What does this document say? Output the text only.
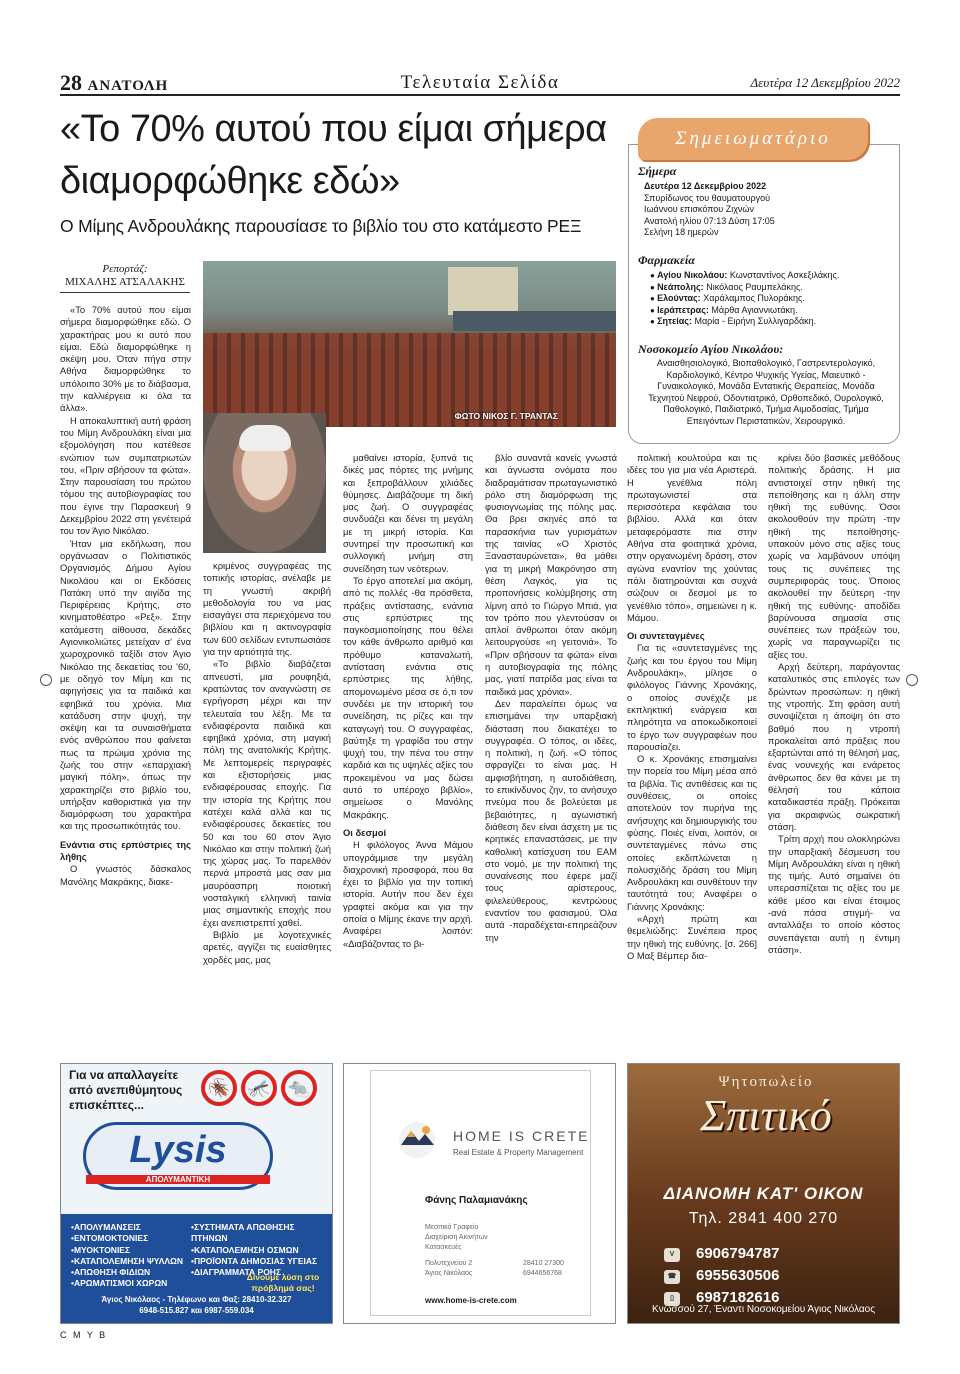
28 ΑΝΑΤΟΛΗ	Τελευταία Σελίδα	Δευτέρα 12 Δεκεμβρίου 2022
«Το 70% αυτού που είμαι σήμερα
διαμορφώθηκε εδώ»
Ο Μίμης Ανδρουλάκης παρουσίασε το βιβλίο του στο κατάμεστο ΡΕΞ
Σημειωματάριο
Σήμερα
Δευτέρα 12 Δεκεμβρίου 2022
Σπυρίδωνος του θαυματουργού
Ιωάννου επισκόπου Ζιχνών
Ανατολή ηλίου 07:13 Δύση 17:05
Σελήνη 18 ημερών
Φαρμακεία
● Αγίου Νικολάου: Κωνσταντίνος Ασκεξιλάκης.
● Νεάπολης: Νικόλαος Ραυμπελάκης.
● Ελούντας: Χαράλαμπος Πυλοράκης.
● Ιεράπετρας: Μάρθα Αγιαννιωτάκη.
● Σητείας: Μαρία - Ειρήνη Συλλιγαρδάκη.
Νοσοκομείο Αγίου Νικολάου:
Αναισθησιολογικό, Βιοπαθολογικό, Γαστρεντερολογικό, Καρδιολογικό, Κέντρο Ψυχικής Υγείας, Μαιευτικό - Γυναικολογικό, Μονάδα Εντατικής Θεραπείας, Μονάδα Τεχνητού Νεφρού, Οδοντιατρικό, Ορθοπεδικό, Ουρολογικό, Παθολογικό, Παιδιατρικό, Τμήμα Αιμοδοσίας, Τμήμα Επειγόντων Περιστατικών, Χειρουργικό.
Ρεπορτάζ:
ΜΙΧΑΛΗΣ ΑΤΣΑΛΑΚΗΣ
ΦΩΤΟ ΝΙΚΟΣ Γ. ΤΡΑΝΤΑΣ

«Το 70% αυτού που είμαι σήμερα διαμορφώθηκε εδώ. Ο χαρακτήρας μου κι αυτό που είμαι. Εδώ διαμορφώθηκε η σκέψη μου. Όταν πήγα στην Αθήνα διαμορφώθηκε το υπόλοιπο 30% με το διάβασμα, την καλλιέργεια κι όλα τα άλλα».

Η αποκαλυπτική αυτή φράση του Μίμη Ανδρουλάκη είναι μια εξομολόγηση που κατέθεσε ενώπιον των συμπατριωτών του, «Πριν σβήσουν τα φώτα». Στην παρουσίαση του πρώτου τόμου της αυτοβιογραφίας του που έγινε την Παρασκευή 9 Δεκεμβρίου 2022 στη γενέτειρά του τον Άγιο Νικόλαο.

Ήταν μια εκδήλωση, που οργάνωσαν ο Πολιτιστικός Οργανισμός Δήμου Αγίου Νικολάου και οι Εκδόσεις Πατάκη υπό την αιγίδα της Περιφέρειας Κρήτης, στο κινηματοθέατρο «Ρεξ». Στην κατάμεστη αίθουσα, δεκάδες Αγιονικολιώτες μετείχαν σ' ένα χωροχρονικό ταξίδι στον Άγιο Νικόλαο της δεκαετίας του '60, με οδηγό τον Μίμη και τις αφηγήσεις για τα παιδικά και εφηβικά του χρόνια. Μια κατάδυση στην ψυχή, την σκέψη και τα συναισθήματα ενός ανθρώπου που φαίνεται πως τα πρώιμα χρόνια της ζωής του στην «επαρχιακή μαγική πόλη», όπως την χαρακτηρίζει στο βιβλίο του, υπήρξαν καθοριστικά για την διαμόρφωση του χαρακτήρα και της προσωπικότητάς του.

Ενάντια στις ερπύστριες της λήθης

Ο γνωστός δάσκαλος Μανόλης Μακράκης, διακε-

κριμένος συγγραφέας της τοπικής ιστορίας, ανέλαβε με τη γνωστή ακριβή μεθοδολογία του να μας εισαγάγει στα περιεχόμενα του βιβλίου και η ακτινογραφία των 600 σελίδων εντυπωσιάσε για την αρτιότητά της.

«Το βιβλίο διαβάζεται απνευστί, μια ρουφηξιά, κρατώντας τον αναγνώστη σε εγρήγορση μέχρι και την τελευταία του λέξη. Με τα ενδιαφέροντα παιδικά και εφηβικά χρόνια, στη μαγική πόλη της ανατολικής Κρήτης. Με λεπτομερείς περιγραφές και εξιστορήσεις μιας ενδιαφέρουσας εποχής. Για την ιστορία της Κρήτης που κατέχει καλά αλλά και τις ενδιαφέρουσες δεκαετίες του 50 και του 60 στον Άγιο Νικόλαο και στην πολιτική ζωή της χώρας μας. Το παρελθόν περνά μπροστά μας σαν μια μαυρόασπρη ποιοτική νοσταλγική ελληνική ταινία μιας σημαντικής εποχής που έχει ανεπιστρεπτί χαθεί.

Βιβλίο με λογοτεχνικές αρετές, αγγίζει τις ευαίσθητες χορδές μας, μας

μαθαίνει ιστορία, ξυπνά τις δικές μας πόρτες της μνήμης και ξεπροβάλλουν χιλιάδες θύμησες. Διαβάζουμε τη δική μας ζωή. Ο συγγραφέας συνδυάζει και δένει τη μεγάλη με τη μικρή ιστορία. Και συντηρεί την προσωπική και συλλογική μνήμη στη συνείδηση των νεότερων.

Το έργο αποτελεί μια ακόμη, από τις πολλές -θα πρόσθετα, πράξεις αντίστασης, ενάντια στις ερπύστριες της παγκοσμιοποίησης που θέλει τον κάθε άνθρωπο αριθμό και πρόθυμο καταναλωτή, αντίσταση ενάντια στις ερπύστριες της λήθης, απομονωμένο μέσα σε ό,τι τον συνδέει με την ιστορική του συνείδηση, τις ρίζες και την καταγωγή του. Ο συγγραφέας, βαύτηξε τη γραφίδα του στην ψυχή του, την πένα του στην καρδιά και τις υψηλές αξίες του προκειμένου να μας δώσει αυτό το υπέροχο βιβλίο», σημείωσε ο Μανόλης Μακράκης.

Οι δεσμοί

Η φιλόλογος Άννα Μάμου υπογράμμισε την μεγάλη διαχρονική προσφορά, που θα έχει το βιβλίο για την τοπική ιστορία. Αυτήν που δεν έχει γραφτεί ακόμα και για την οποία ο Μίμης έκανε την αρχή. Αναφέρει λοιπόν: «Διαβάζοντας το βι-

βλίο συναντά κανείς γνωστά και άγνωστα ονόματα που διαδραμάτισαν πρωταγωνιστικό ρόλο στη διαμόρφωση της φυσιογνωμίας της πόλης μας. Θα βρει σκηνές από τα παρασκήνια των γυρισμάτων της ταινίας «Ο Χριστός Ξανασταυρώνεται», θα μάθει για τη μικρή Μακρόνησο στη θέση Λαγκός, για τις προπονήσεις κολύμβησης στη λίμνη από το Γιώργο Μπιά, για τον τρόπο που γλεντούσαν οι απλοί άνθρωποι όταν ακόμη λειτουργούσε «η γειτονιά». Το «Πριν σβήσουν τα φώτα» είναι η αυτοβιογραφία της πόλης μας, γιατί πατρίδα μας είναι τα παιδικά μας χρόνια».

Δεν παραλείπει όμως να επισημάνει την υπαρξιακή διάσταση που διακατέχει το συγγραφέα. Ο τόπος, οι ιδέες, η πολιτική, η ζωή. «Ο τόπος σφραγίζει το είναι μας. Η αμφισβήτηση, η αυτοδιάθεση, το επικίνδυνος ζην, το ανήσυχο πνεύμα που δε βολεύεται με βεβαιότητες, η αγωνιστική διάθεση δεν είναι άσχετη με τις κρητικές επαναστάσεις, με την καθολική κατίσχυση του ΕΑΜ στο νομό, με την πολιτική της συναίνεσης που έφερε μαζί τους αρίστερους, φιλελεύθερους, κεντρώους εναντίον του φασισμού. Όλα αυτά -παραδέχεται-επηρεάζουν την

πολιτική κουλτούρα και τις ιδέες του για μια νέα Αριστερά. Η γενέθλια πόλη πρωταγωνιστεί στα περισσότερα κεφάλαια του βιβλίου. Αλλά και όταν μεταφερόμαστε πια στην Αθήνα στα φοιτητικά χρόνια, στην οργανωμένη δράση, στον αγώνα εναντίον της χούντας πάλι διατηρούνται και συχνά σώζουν οι δεσμοί με το γενέθλιο τόπο», σημειώνει η κ. Μάμου.

Οι συντεταγμένες

Για τις «συντεταγμένες της ζωής και του έργου του Μίμη Ανδρουλάκη», μίλησε ο φιλόλογος Γιάννης Χρονάκης, ο οποίος συνέχιζε με εκπληκτική ενάργεια και πληρότητα να αποκωδικοποιεί το έργο των συγγραφέων που παρουσίαζει.

Ο κ. Χρονάκης επισημαίνει την πορεία του Μίμη μέσα από τα βιβλία. Τις αντιθέσεις και τις συνθέσεις, οι οποίες αποτελούν τον πυρήνα της ανήσυχης και δημιουργικής του φύσης. Ποιές είναι, λοιπόν, οι συντεταγμένες πάνω στις οποίες εκδιπλώνεται η πολυσχιδής δράση του Μίμη Ανδρουλάκη και συνθέτουν την ταυτότητά του; Αναφέρει ο Γιάννης Χρονάκης:

«Αρχή πρώτη και θεμελιώδης: Συνέπεια προς την ηθική της ευθύνης. [σ. 266] Ο Μαξ Βέμπερ δια-

κρίνει δύο βασικές μεθόδους πολιτικής δράσης. Η μια αντιστοιχεί στην ηθική της πεποίθησης και η άλλη στην ηθική της ευθύνης. Όσοι ακολουθούν την πρώτη -την ηθική της πεποίθησης- υπακούν μόνο στις αξίες τους χωρίς να λαμβάνουν υπόψη τους τις συνέπειες της συμπεριφοράς τους. Όποιος ακολουθεί την δεύτερη -την ηθική της ευθύνης- αποδίδει βαρύνουσα σημασία στις συνέπειες των πράξεών του, χωρίς να παραγνωρίζει τις αξίες του.

Αρχή δεύτερη, παράγοντας καταλυτικός στις επιλογές των δρώντων προσώπων: η ηθική της ντροπής. Στη φράση αυτή συνοψίζεται η άποψη ότι στο βαθμό που η ντροπή προκαλείται από πράξεις που εξαρτώνται από τη θέλησή μας, ένας νουνεχής και ενάρετος άνθρωπος δεν θα κάνει με τη θέλησή του κάποια καταδικαστέα πράξη. Πρόκειται για ακραιφνώς σωκρατική στάση.

Τρίτη αρχή που ολοκληρώνει την υπαρξιακή δέσμευση του Μίμη Ανδρουλάκη είναι η ηθική της τιμής. Αυτό σημαίνει ότι υπερασπίζεται τις αξίες του με κάθε μέσο και είναι έτοιμος -ανά πάσα στιγμή- να ανταλλάξει το οποίο κόστος συνεπάγεται αυτή η έντιμη στάση».

Για να απαλλαγείτε από ανεπιθύμητους επισκέπτες...
🪳 🦟 🐀
Lysis
ΑΠΟΛΥΜΑΝΤΙΚΗ
•ΑΠΟΛΥΜΑΝΣΕΙΣ
•ΕΝΤΟΜΟΚΤΟΝΙΕΣ
•ΜΥΟΚΤΟΝΙΕΣ
•ΚΑΤΑΠΟΛΕΜΗΣΗ ΨΥΛΛΩΝ
•ΑΠΩΘΗΣΗ ΦΙΔΙΩΝ
•ΑΡΩΜΑΤΙΣΜΟΙ ΧΩΡΩΝ
•ΣΥΣΤΗΜΑΤΑ ΑΠΩΘΗΣΗΣ ΠΤΗΝΩΝ
•ΚΑΤΑΠΟΛΕΜΗΣΗ ΟΣΜΩΝ
•ΠΡΟΪΟΝΤΑ ΔΗΜΟΣΙΑΣ ΥΓΕΙΑΣ
•ΔΙΑΓΡΑΜΜΑΤΑ ΡΟΗΣ
Δίνουμε λύση στο πρόβλημά σας!
Άγιος Νικόλαος - Τηλέφωνο και Φαξ: 28410-32.327
6948-515.827 και 6987-559.034
HOME IS CRETE
Real Estate & Property Management
Φάνης Παλαμιανάκης
Μεσιτικό Γραφείο
Διαχείριση Ακινήτων
Κατασκευές
Πολυτεχνείου 2
Άγιος Νικόλαος
28410 27300
6944656768
www.home-is-crete.com
Ψητοπωλείο
Σπιτικό
ΔΙΑΝΟΜΗ ΚΑΤ' ΟΙΚΟΝ
Τηλ. 2841 400 270
V	6906794787
☎ 6955630506
▯	6987182616
Κνωσσού 27, Έναντι Νοσοκομείου Άγιος Νικόλαος
C M Y B
